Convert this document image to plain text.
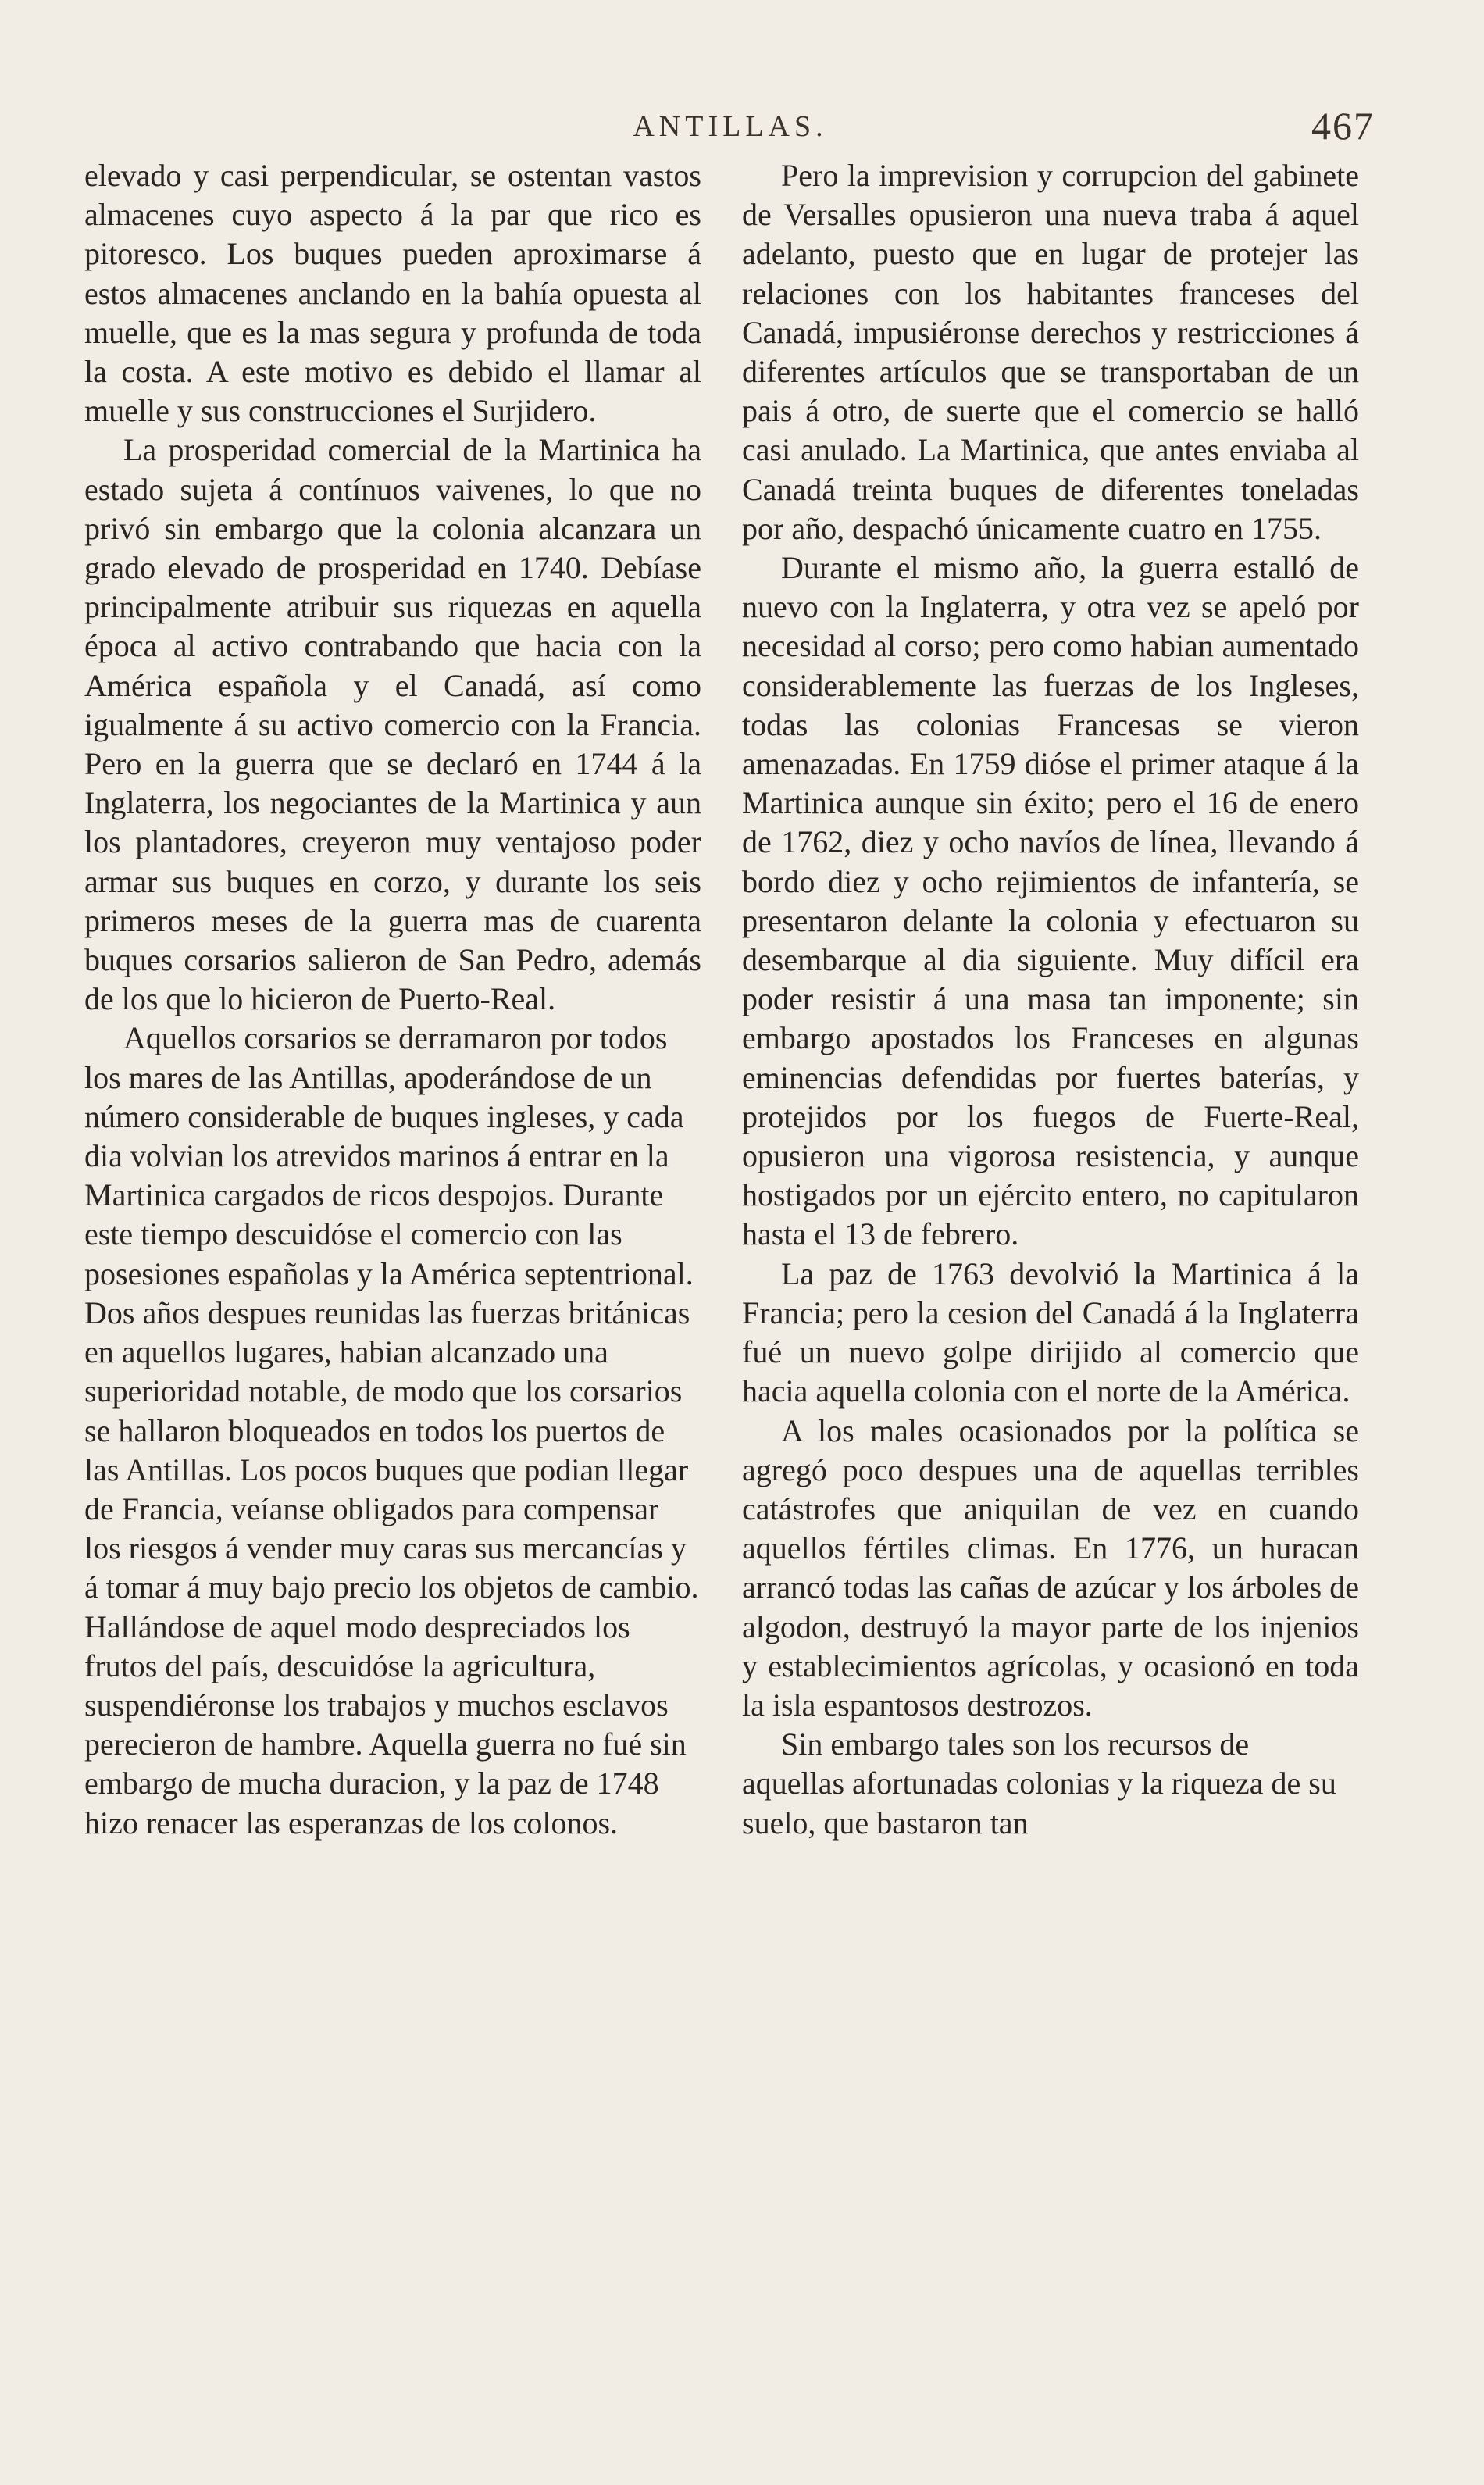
ANTILLAS.	467

elevado y casi perpendicular, se ostentan vastos almacenes cuyo aspecto á la par que rico es pitoresco. Los buques pueden aproximarse á estos almacenes anclando en la bahía opuesta al muelle, que es la mas segura y profunda de toda la costa. A este motivo es debido el llamar al muelle y sus construcciones el Surjidero.

La prosperidad comercial de la Martinica ha estado sujeta á contínuos vaivenes, lo que no privó sin embargo que la colonia alcanzara un grado elevado de prosperidad en 1740. Debíase principalmente atribuir sus riquezas en aquella época al activo contrabando que hacia con la América española y el Canadá, así como igualmente á su activo comercio con la Francia. Pero en la guerra que se declaró en 1744 á la Inglaterra, los negociantes de la Martinica y aun los plantadores, creyeron muy ventajoso poder armar sus buques en corzo, y durante los seis primeros meses de la guerra mas de cuarenta buques corsarios salieron de San Pedro, además de los que lo hicieron de Puerto-Real.

Aquellos corsarios se derramaron por todos los mares de las Antillas, apoderándose de un número considerable de buques ingleses, y cada dia volvian los atrevidos marinos á entrar en la Martinica cargados de ricos despojos. Durante este tiempo descuidóse el comercio con las posesiones españolas y la América septentrional. Dos años despues reunidas las fuerzas británicas en aquellos lugares, habian alcanzado una superioridad notable, de modo que los corsarios se hallaron bloqueados en todos los puertos de las Antillas. Los pocos buques que podian llegar de Francia, veíanse obligados para compensar los riesgos á vender muy caras sus mercancías y á tomar á muy bajo precio los objetos de cambio. Hallándose de aquel modo despreciados los frutos del país, descuidóse la agricultura, suspendiéronse los trabajos y muchos esclavos perecieron de hambre. Aquella guerra no fué sin embargo de mucha duracion, y la paz de 1748 hizo renacer las esperanzas de los colonos.

Pero la imprevision y corrupcion del gabinete de Versalles opusieron una nueva traba á aquel adelanto, puesto que en lugar de protejer las relaciones con los habitantes franceses del Canadá, impusiéronse derechos y restricciones á diferentes artículos que se transportaban de un pais á otro, de suerte que el comercio se halló casi anulado. La Martinica, que antes enviaba al Canadá treinta buques de diferentes toneladas por año, despachó únicamente cuatro en 1755.

Durante el mismo año, la guerra estalló de nuevo con la Inglaterra, y otra vez se apeló por necesidad al corso; pero como habian aumentado considerablemente las fuerzas de los Ingleses, todas las colonias Francesas se vieron amenazadas. En 1759 dióse el primer ataque á la Martinica aunque sin éxito; pero el 16 de enero de 1762, diez y ocho navíos de línea, llevando á bordo diez y ocho rejimientos de infantería, se presentaron delante la colonia y efectuaron su desembarque al dia siguiente. Muy difícil era poder resistir á una masa tan imponente; sin embargo apostados los Franceses en algunas eminencias defendidas por fuertes baterías, y protejidos por los fuegos de Fuerte-Real, opusieron una vigorosa resistencia, y aunque hostigados por un ejército entero, no capitularon hasta el 13 de febrero.

La paz de 1763 devolvió la Martinica á la Francia; pero la cesion del Canadá á la Inglaterra fué un nuevo golpe dirijido al comercio que hacia aquella colonia con el norte de la América.

A los males ocasionados por la política se agregó poco despues una de aquellas terribles catástrofes que aniquilan de vez en cuando aquellos fértiles climas. En 1776, un huracan arrancó todas las cañas de azúcar y los árboles de algodon, destruyó la mayor parte de los injenios y establecimientos agrícolas, y ocasionó en toda la isla espantosos destrozos.

Sin embargo tales son los recursos de aquellas afortunadas colonias y la riqueza de su suelo, que bastaron tan
